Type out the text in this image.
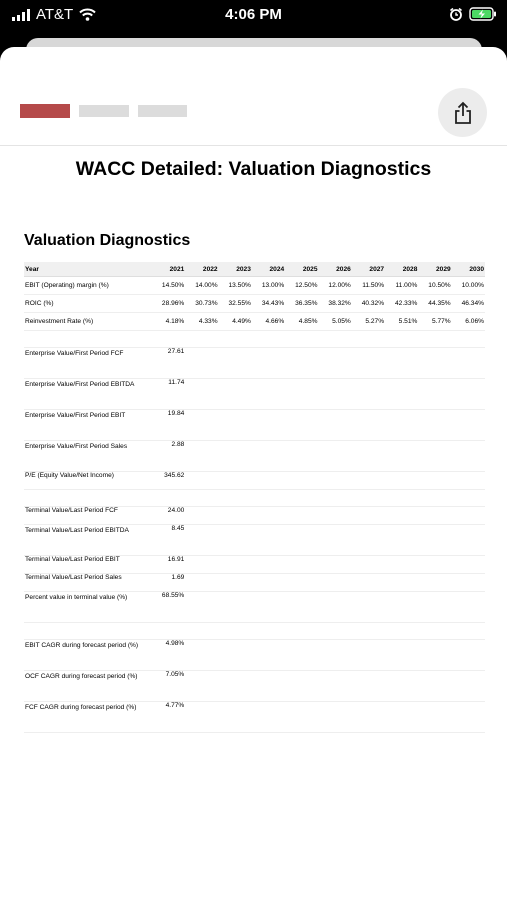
AT&T	4:06 PM
WACC Detailed: Valuation Diagnostics
Valuation Diagnostics
Year	2021	2022	2023	2024	2025	2026	2027	2028	2029	2030
EBIT (Operating) margin (%)	14.50%	14.00%	13.50%	13.00%	12.50%	12.00%	11.50%	11.00%	10.50%	10.00%
ROIC (%)	28.96%	30.73%	32.55%	34.43%	36.35%	38.32%	40.32%	42.33%	44.35%	46.34%
Reinvestment Rate (%)	4.18%	4.33%	4.49%	4.66%	4.85%	5.05%	5.27%	5.51%	5.77%	6.06%

Enterprise Value/First Period FCF	27.61									
Enterprise Value/First Period EBITDA	11.74									
Enterprise Value/First Period EBIT	19.84									
Enterprise Value/First Period Sales	2.88									
P/E (Equity Value/Net Income)	345.62									

Terminal Value/Last Period FCF	24.00									
Terminal Value/Last Period EBITDA	8.45									
Terminal Value/Last Period EBIT	16.91									
Terminal Value/Last Period Sales	1.69									
Percent value in terminal value (%)	68.55%									

EBIT CAGR during forecast period (%)	4.98%									
OCF CAGR during forecast period (%)	7.05%									
FCF CAGR during forecast period (%)	4.77%									
